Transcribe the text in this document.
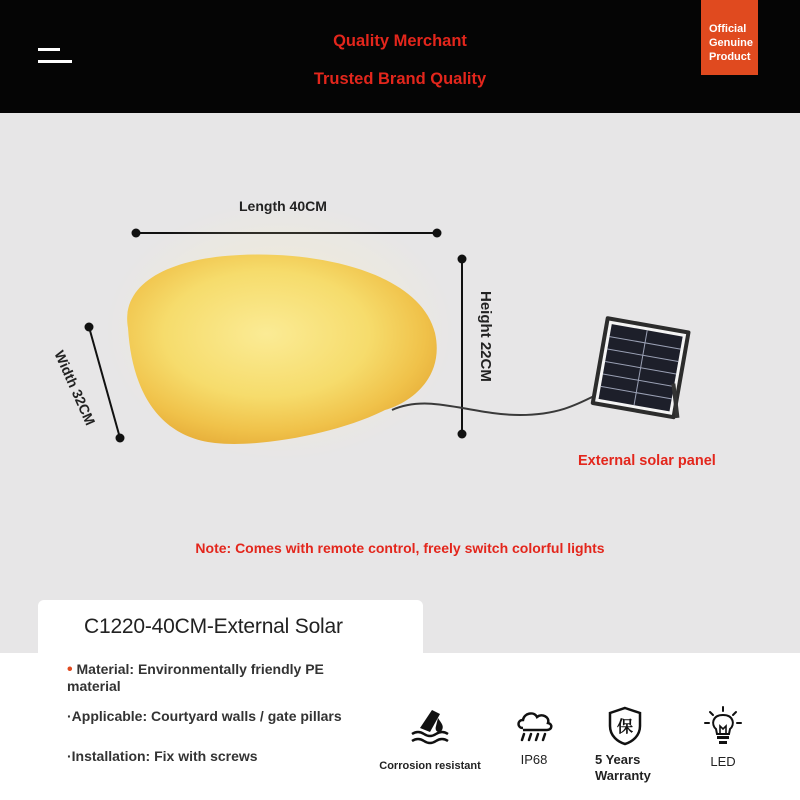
Quality Merchant
Trusted Brand Quality
Official
Genuine
Product
Length 40CM
Height 22CM
Width 32CM
External solar panel
Note: Comes with remote control, freely switch colorful lights
C1220-40CM-External Solar
• Material: Environmentally friendly PE material
·Applicable: Courtyard walls / gate pillars
·Installation: Fix with screws
Corrosion resistant	IP68
保
5 Years Warranty
LED
